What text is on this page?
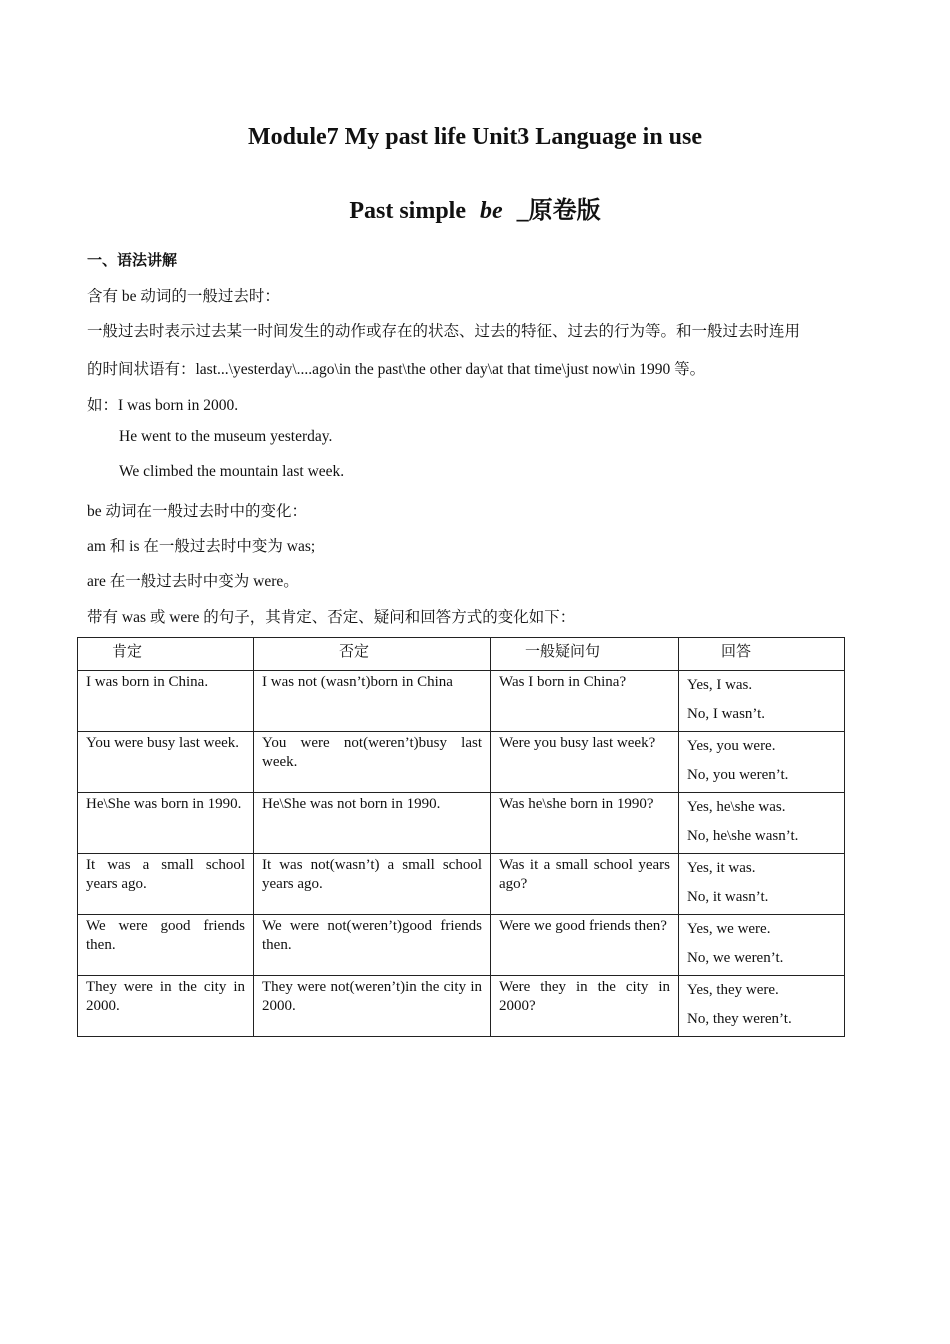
Module7 My past life Unit3 Language in use
Past simple be _原卷版
一、语法讲解
含有 be 动词的一般过去时：
一般过去时表示过去某一时间发生的动作或存在的状态、过去的特征、过去的行为等。和一般过去时连用
的时间状语有：last...\yesterday\....ago\in the past\the other day\at that time\just now\in 1990 等。
如：I was born in 2000.
He went to the museum yesterday.
We climbed the mountain last week.
be 动词在一般过去时中的变化：
am 和 is 在一般过去时中变为 was;
are 在一般过去时中变为 were。
带有 was 或 were 的句子，其肯定、否定、疑问和回答方式的变化如下：
肯定	否定	一般疑问句	回答
I was born in China.	I was not (wasn’t)born in China	Was I born in China?	Yes, I was.
No, I wasn’t.

You were busy last week.	You were not(weren’t)busy last week.	Were you busy last week?	Yes, you were.
No, you weren’t.

He\She was born in 1990.	He\She was not born in 1990.	Was he\she born in 1990?	Yes, he\she was.
No, he\she wasn’t.

It was a small school years ago.	It was not(wasn’t) a small school years ago.	Was it a small school years ago?	Yes, it was.
No, it wasn’t.

We were good friends then.	We were not(weren’t)good friends then.	Were we good friends then?	Yes, we were.
No, we weren’t.

They were in the city in 2000.	They were not(weren’t)in the city in 2000.	Were they in the city in 2000?	Yes, they were.
No, they weren’t.
